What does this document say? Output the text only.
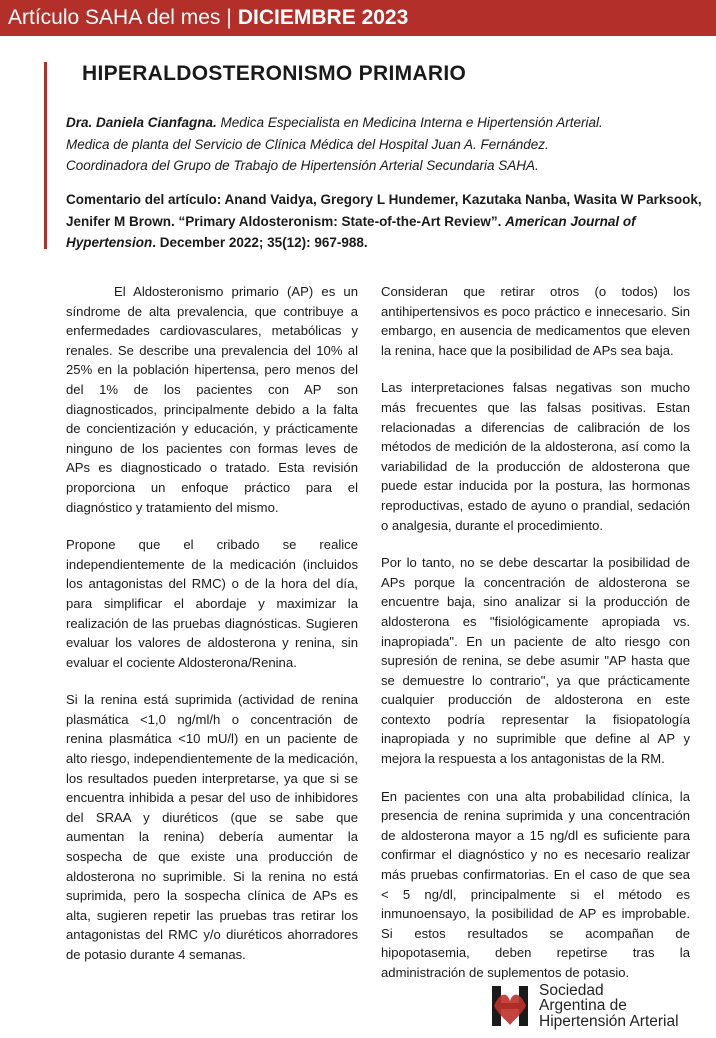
Artículo SAHA del mes | DICIEMBRE 2023
HIPERALDOSTERONISMO PRIMARIO
Dra. Daniela Cianfagna. Medica Especialista en Medicina Interna e Hipertensión Arterial.
Medica de planta del Servicio de Clínica Médica del Hospital Juan A. Fernández.
Coordinadora del Grupo de Trabajo de Hipertensión Arterial Secundaria SAHA.
Comentario del artículo: Anand Vaidya, Gregory L Hundemer, Kazutaka Nanba, Wasita W Parksook, Jenifer M Brown. “Primary Aldosteronism: State-of-the-Art Review”. American Journal of Hypertension. December 2022; 35(12): 967-988.

El Aldosteronismo primario (AP) es un síndrome de alta prevalencia, que contribuye a enfermedades cardiovasculares, metabólicas y renales. Se describe una prevalencia del 10% al 25% en la población hipertensa, pero menos del del 1% de los pacientes con AP son diagnosticados, principalmente debido a la falta de concientización y educación, y prácticamente ninguno de los pacientes con formas leves de APs es diagnosticado o tratado. Esta revisión proporciona un enfoque práctico para el diagnóstico y tratamiento del mismo.

Propone que el cribado se realice independientemente de la medicación (incluidos los antagonistas del RMC) o de la hora del día, para simplificar el abordaje y maximizar la realización de las pruebas diagnósticas. Sugieren evaluar los valores de aldosterona y renina, sin evaluar el cociente Aldosterona/Renina.

Si la renina está suprimida (actividad de renina plasmática <1,0 ng/ml/h o concentración de renina plasmática <10 mU/l) en un paciente de alto riesgo, independientemente de la medicación, los resultados pueden interpretarse, ya que si se encuentra inhibida a pesar del uso de inhibidores del SRAA y diuréticos (que se sabe que aumentan la renina) debería aumentar la sospecha de que existe una producción de aldosterona no suprimible. Si la renina no está suprimida, pero la sospecha clínica de APs es alta, sugieren repetir las pruebas tras retirar los antagonistas del RMC y/o diuréticos ahorradores de potasio durante 4 semanas.

Consideran que retirar otros (o todos) los antihipertensivos es poco práctico e innecesario. Sin embargo, en ausencia de medicamentos que eleven la renina, hace que la posibilidad de APs sea baja.

Las interpretaciones falsas negativas son mucho más frecuentes que las falsas positivas. Estan relacionadas a diferencias de calibración de los métodos de medición de la aldosterona, así como la variabilidad de la producción de aldosterona que puede estar inducida por la postura, las hormonas reproductivas, estado de ayuno o prandial, sedación o analgesia, durante el procedimiento.

Por lo tanto, no se debe descartar la posibilidad de APs porque la concentración de aldosterona se encuentre baja, sino analizar si la producción de aldosterona es "fisiológicamente apropiada vs. inapropiada". En un paciente de alto riesgo con supresión de renina, se debe asumir "AP hasta que se demuestre lo contrario", ya que prácticamente cualquier producción de aldosterona en este contexto podría representar la fisiopatología inapropiada y no suprimible que define al AP y mejora la respuesta a los antagonistas de la RM.

En pacientes con una alta probabilidad clínica, la presencia de renina suprimida y una concentración de aldosterona mayor a 15 ng/dl es suficiente para confirmar el diagnóstico y no es necesario realizar más pruebas confirmatorias. En el caso de que sea < 5 ng/dl, principalmente si el método es inmunoensayo, la posibilidad de AP es improbable. Si estos resultados se acompañan de hipopotasemia, deben repetirse tras la administración de suplementos de potasio.

Sociedad
Argentina de
Hipertensión Arterial
